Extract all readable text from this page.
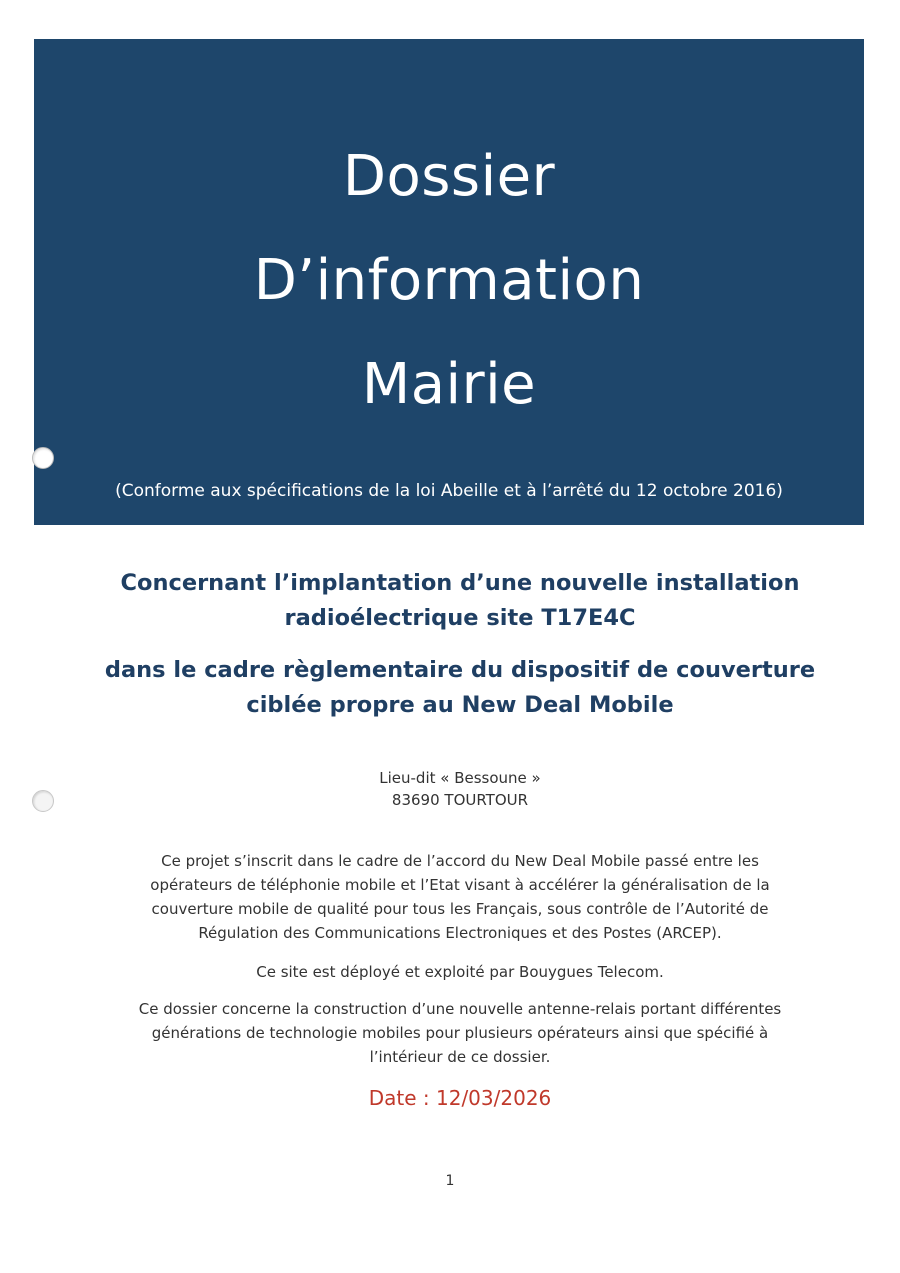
Dossier
D’information
Mairie
(Conforme aux spécifications de la loi Abeille et à l’arrêté du 12 octobre 2016)
Concernant l’implantation d’une nouvelle installation
radioélectrique site T17E4C
dans le cadre règlementaire du dispositif de couverture
ciblée propre au New Deal Mobile
Lieu-dit « Bessoune »
83690 TOURTOUR
Ce projet s’inscrit dans le cadre de l’accord du New Deal Mobile passé entre les
opérateurs de téléphonie mobile et l’Etat visant à accélérer la généralisation de la
couverture mobile de qualité pour tous les Français, sous contrôle de l’Autorité de
Régulation des Communications Electroniques et des Postes (ARCEP).
Ce site est déployé et exploité par Bouygues Telecom.
Ce dossier concerne la construction d’une nouvelle antenne-relais portant différentes
générations de technologie mobiles pour plusieurs opérateurs ainsi que spécifié à
l’intérieur de ce dossier.
Date : 12/03/2026
1
